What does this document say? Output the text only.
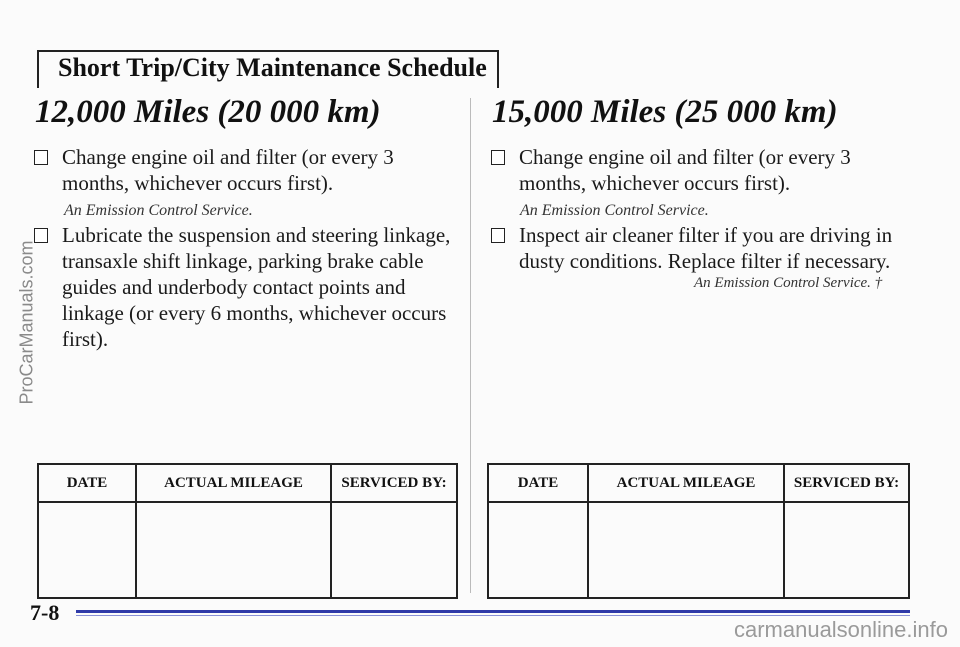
Short Trip/City Maintenance Schedule
12,000 Miles (20 000 km)	15,000 Miles (25 000 km)
Change engine oil and filter (or every 3 months, whichever occurs first).
An Emission Control Service.
Lubricate the suspension and steering linkage, transaxle shift linkage, parking brake cable guides and underbody contact points and linkage (or every 6 months, whichever occurs first).
Change engine oil and filter (or every 3 months, whichever occurs first).
An Emission Control Service.
Inspect air cleaner filter if you are driving in dusty conditions. Replace filter if necessary.
An Emission Control Service. †
DATE	ACTUAL MILEAGE	SERVICED BY:
			DATE	ACTUAL MILEAGE	SERVICED BY:

7-8
ProCarManuals.com
carmanualsonline.info
